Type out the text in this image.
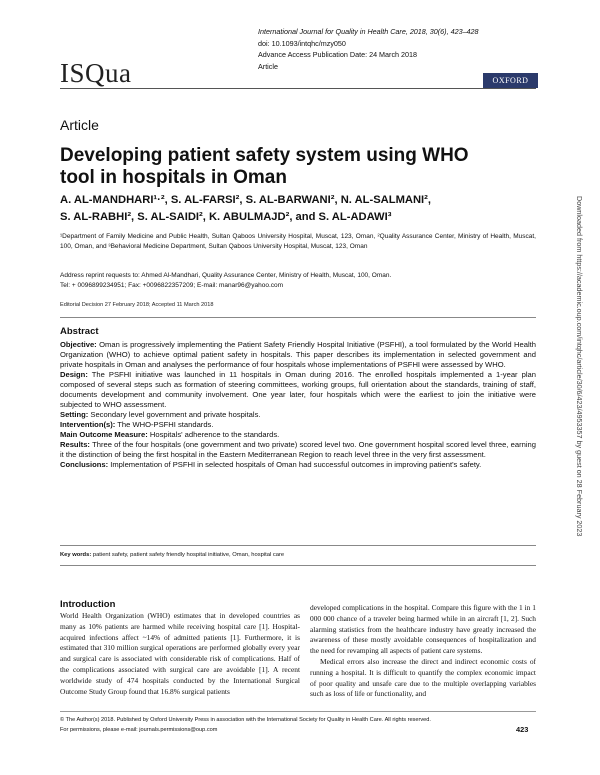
ISQua
International Journal for Quality in Health Care, 2018, 30(6), 423–428
doi: 10.1093/intqhc/mzy050
Advance Access Publication Date: 24 March 2018
Article
OXFORD
Article
Developing patient safety system using WHO tool in hospitals in Oman
A. AL-MANDHARI¹·², S. AL-FARSI², S. AL-BARWANI², N. AL-SALMANI²,
S. AL-RABHI², S. AL-SAIDI², K. ABULMAJD², and S. AL-ADAWI³
¹Department of Family Medicine and Public Health, Sultan Qaboos University Hospital, Muscat, 123, Oman, ²Quality Assurance Center, Ministry of Health, Muscat, 100, Oman, and ³Behavioral Medicine Department, Sultan Qaboos University Hospital, Muscat, 123, Oman
Address reprint requests to: Ahmed Al-Mandhari, Quality Assurance Center, Ministry of Health, Muscat, 100, Oman.
Tel: + 0096899234951; Fax: +0096822357209; E-mail: manar96@yahoo.com
Editorial Decision 27 February 2018; Accepted 11 March 2018
Abstract

Objective: Oman is progressively implementing the Patient Safety Friendly Hospital Initiative (PSFHI), a tool formulated by the World Health Organization (WHO) to achieve optimal patient safety in hospitals. This paper describes its implementation in selected government and private hospitals in Oman and analyses the performance of four hospitals whose implementations of PSFHI were assessed by WHO.

Design: The PSFHI initiative was launched in 11 hospitals in Oman during 2016. The enrolled hospitals implemented a 1-year plan composed of several steps such as formation of steering committees, working groups, full orientation about the standards, training of staff, documents development and community involvement. One year later, four hospitals which were the earliest to join the initiative were subjected to WHO assessment.

Setting: Secondary level government and private hospitals.

Intervention(s): The WHO-PSFHI standards.

Main Outcome Measure: Hospitals' adherence to the standards.

Results: Three of the four hospitals (one government and two private) scored level two. One government hospital scored level three, earning it the distinction of being the first hospital in the Eastern Mediterranean Region to reach level three in the very first assessment.

Conclusions: Implementation of PSFHI in selected hospitals of Oman had successful outcomes in improving patient's safety.

Key words: patient safety, patient safety friendly hospital initiative, Oman, hospital care
Introduction

World Health Organization (WHO) estimates that in developed countries as many as 10% patients are harmed while receiving hospital care [1]. Hospital-acquired infections affect ~14% of admitted patients [1]. Furthermore, it is estimated that 310 million surgical operations are performed globally every year and surgical care is associated with considerable risk of complications. Half of the complications associated with surgical care are avoidable [1]. A recent worldwide study of 474 hospitals conducted by the International Surgical Outcome Study Group found that 16.8% surgical patients

developed complications in the hospital. Compare this figure with the 1 in 1 000 000 chance of a traveler being harmed while in an aircraft [1, 2]. Such alarming statistics from the healthcare industry have greatly increased the awareness of these mostly avoidable consequences of hospitalization and the need for revamping all aspects of patient care systems.

Medical errors also increase the direct and indirect economic costs of running a hospital. It is difficult to quantify the complex economic impact of poor quality and unsafe care due to the multiple overlapping variables such as loss of life or functionality, and

© The Author(s) 2018. Published by Oxford University Press in association with the International Society for Quality in Health Care. All rights reserved.
For permissions, please e-mail: journals.permissions@oup.com	423
Downloaded from https://academic.oup.com/intqhc/article/30/6/423/4953357 by guest on 28 February 2023
